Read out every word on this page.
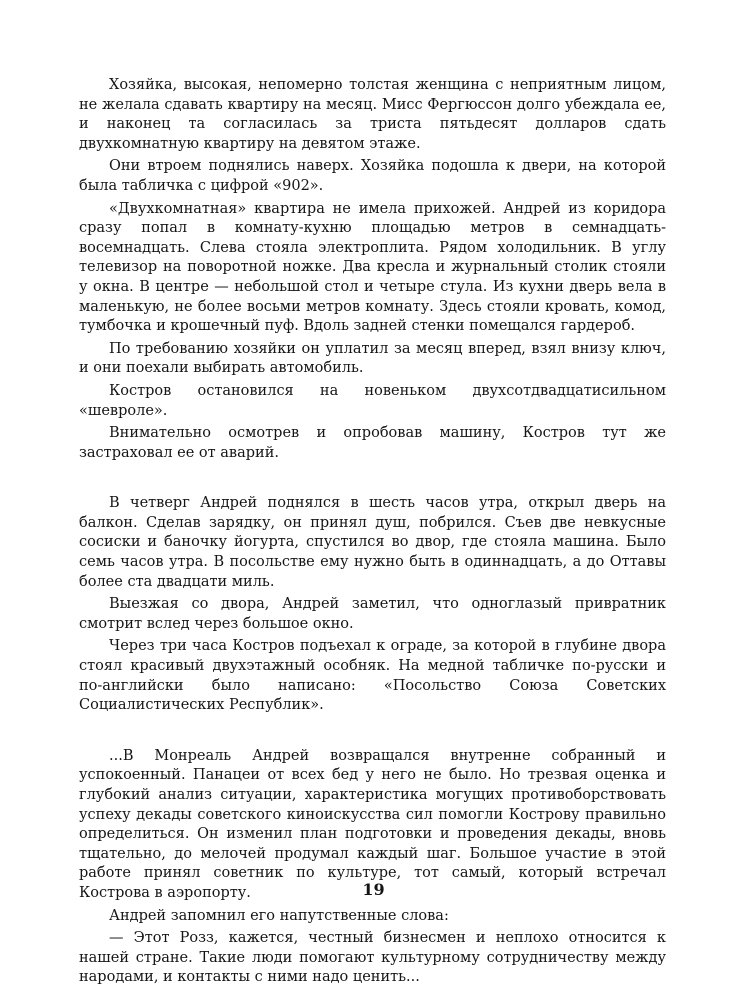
Хозяйка, высокая, непомерно толстая женщина с неприятным лицом, не желала сдавать квартиру на месяц. Мисс Фергюссон долго убеждала ее, и наконец та согласилась за триста пятьдесят долларов сдать двухкомнатную квартиру на девятом этаже.

Они втроем поднялись наверх. Хозяйка подошла к двери, на которой была табличка с цифрой «902».

«Двухкомнатная» квартира не имела прихожей. Андрей из коридора сразу попал в комнату-кухню площадью метров в семнадцать-восемнадцать. Слева стояла электроплита. Рядом холодильник. В углу телевизор на поворотной ножке. Два кресла и журнальный столик стояли у окна. В центре — небольшой стол и четыре стула. Из кухни дверь вела в маленькую, не более восьми метров комнату. Здесь стояли кровать, комод, тумбочка и крошечный пуф. Вдоль задней стенки помещался гардероб.

По требованию хозяйки он уплатил за месяц вперед, взял внизу ключ, и они поехали выбирать автомобиль.

Костров остановился на новеньком двухсотдвадцатисильном «шевроле».

Внимательно осмотрев и опробовав машину, Костров тут же застраховал ее от аварий.

В четверг Андрей поднялся в шесть часов утра, открыл дверь на балкон. Сделав зарядку, он принял душ, побрился. Съев две невкусные сосиски и баночку йогурта, спустился во двор, где стояла машина. Было семь часов утра. В посольстве ему нужно быть в одиннадцать, а до Оттавы более ста двадцати миль.

Выезжая со двора, Андрей заметил, что одноглазый привратник смотрит вслед через большое окно.

Через три часа Костров подъехал к ограде, за которой в глубине двора стоял красивый двухэтажный особняк. На медной табличке по-русски и по-английски было написано: «Посольство Союза Советских Социалистических Республик».

...В Монреаль Андрей возвращался внутренне собранный и успокоенный. Панацеи от всех бед у него не было. Но трезвая оценка и глубокий анализ ситуации, характеристика могущих противоборствовать успеху декады советского киноискусства сил помогли Кострову правильно определиться. Он изменил план подготовки и проведения декады, вновь тщательно, до мелочей продумал каждый шаг. Большое участие в этой работе принял советник по культуре, тот самый, который встречал Кострова в аэропорту.

Андрей запомнил его напутственные слова:

— Этот Розз, кажется, честный бизнесмен и неплохо относится к нашей стране. Такие люди помогают культурному сотрудничеству между народами, и контакты с ними надо ценить...

19
